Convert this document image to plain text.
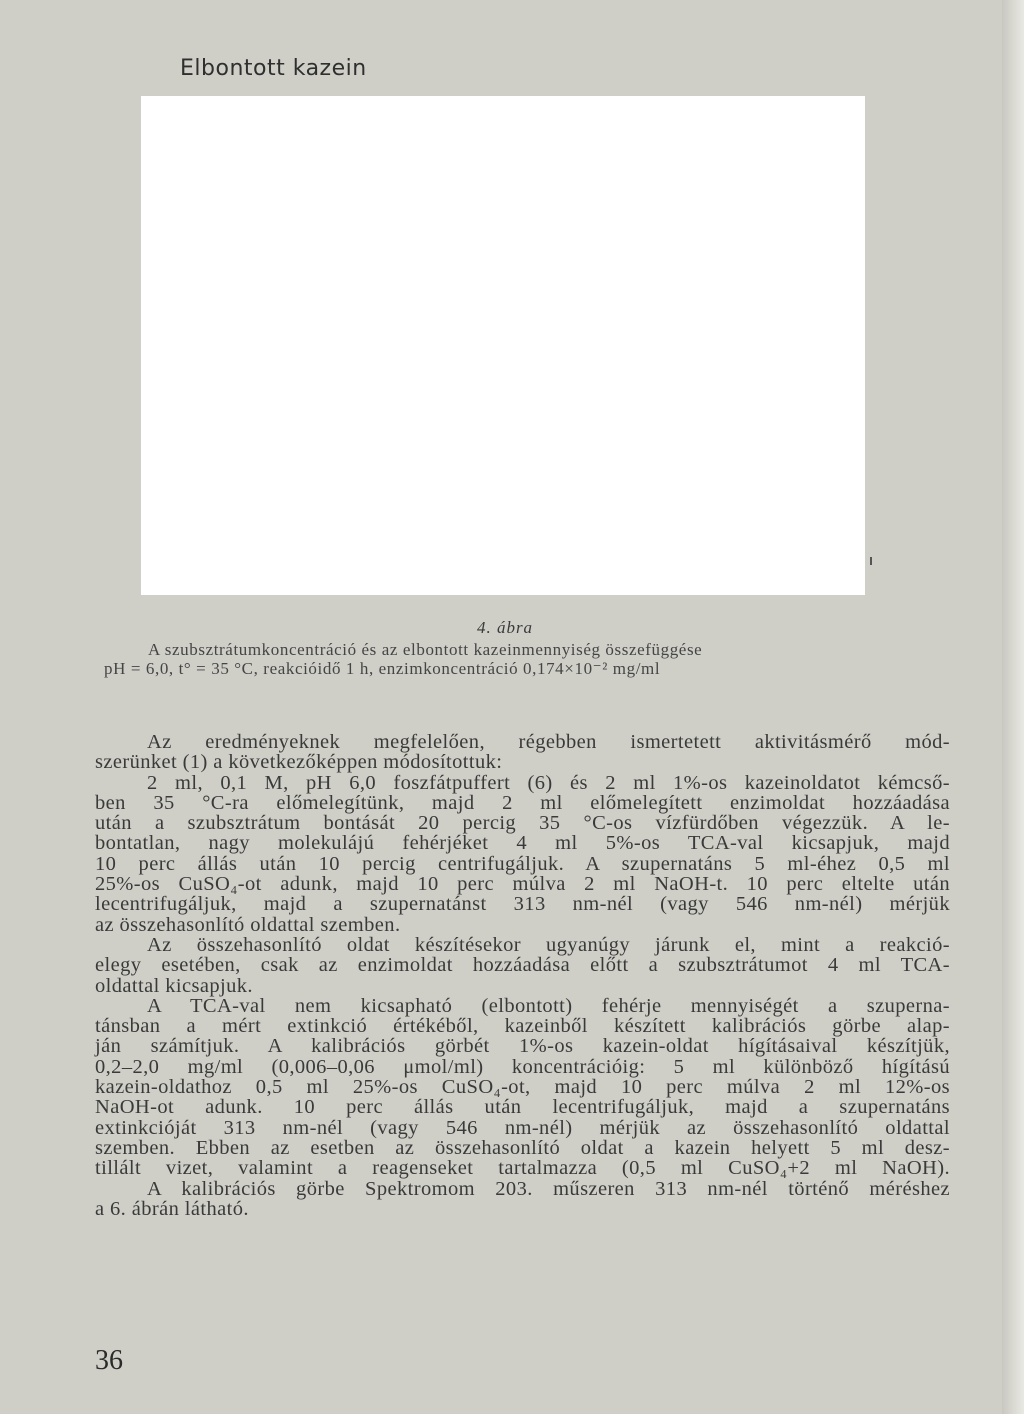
Elbontott kazein
4. ábra
A szubsztrátumkoncentráció és az elbontott kazeinmennyiség összefüggése
pH = 6,0, t° = 35 °C, reakcióidő 1 h, enzimkoncentráció 0,174×10⁻² mg/ml
Az eredményeknek megfelelően, régebben ismertetett aktivitásmérő mód-
szerünket (1) a következőképpen módosítottuk:
2 ml, 0,1 M, pH 6,0 foszfátpuffert (6) és 2 ml 1%-os kazeinoldatot kémcső-
ben 35 °C-ra előmelegítünk, majd 2 ml előmelegített enzimoldat hozzáadása
után a szubsztrátum bontását 20 percig 35 °C-os vízfürdőben végezzük. A le-
bontatlan, nagy molekulájú fehérjéket 4 ml 5%-os TCA-val kicsapjuk, majd
10 perc állás után 10 percig centrifugáljuk. A szupernatáns 5 ml-éhez 0,5 ml
25%-os CuSO₄-ot adunk, majd 10 perc múlva 2 ml NaOH-t. 10 perc eltelte után
lecentrifugáljuk, majd a szupernatánst 313 nm-nél (vagy 546 nm-nél) mérjük
az összehasonlító oldattal szemben.
Az összehasonlító oldat készítésekor ugyanúgy járunk el, mint a reakció-
elegy esetében, csak az enzimoldat hozzáadása előtt a szubsztrátumot 4 ml TCA-
oldattal kicsapjuk.
A TCA-val nem kicsapható (elbontott) fehérje mennyiségét a szuperna-
tánsban a mért extinkció értékéből, kazeinből készített kalibrációs görbe alap-
ján számítjuk. A kalibrációs görbét 1%-os kazein-oldat hígításaival készítjük,
0,2–2,0 mg/ml (0,006–0,06 μmol/ml) koncentrációig: 5 ml különböző hígítású
kazein-oldathoz 0,5 ml 25%-os CuSO₄-ot, majd 10 perc múlva 2 ml 12%-os
NaOH-ot adunk. 10 perc állás után lecentrifugáljuk, majd a szupernatáns
extinkcióját 313 nm-nél (vagy 546 nm-nél) mérjük az összehasonlító oldattal
szemben. Ebben az esetben az összehasonlító oldat a kazein helyett 5 ml desz-
tillált vizet, valamint a reagenseket tartalmazza (0,5 ml CuSO₄+2 ml NaOH).
A kalibrációs görbe Spektromom 203. műszeren 313 nm-nél történő méréshez
a 6. ábrán látható.
36
